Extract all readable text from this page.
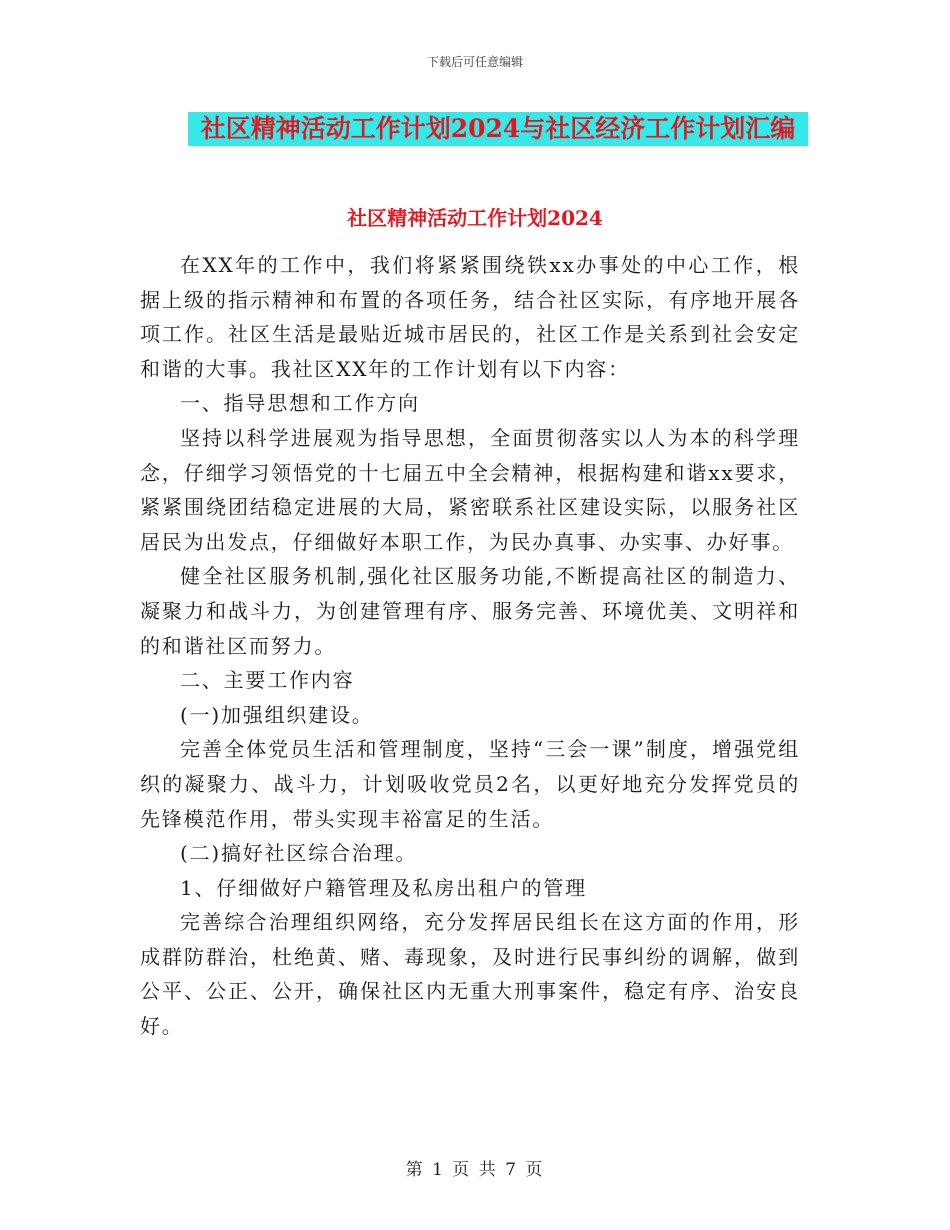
下载后可任意编辑
社区精神活动工作计划2024与社区经济工作计划汇编
社区精神活动工作计划2024

在XX年的工作中，我们将紧紧围绕铁xx办事处的中心工作，根据上级的指示精神和布置的各项任务，结合社区实际，有序地开展各项工作。社区生活是最贴近城市居民的，社区工作是关系到社会安定和谐的大事。我社区XX年的工作计划有以下内容：

一、指导思想和工作方向

坚持以科学进展观为指导思想，全面贯彻落实以人为本的科学理念，仔细学习领悟党的十七届五中全会精神，根据构建和谐xx要求，紧紧围绕团结稳定进展的大局，紧密联系社区建设实际，以服务社区居民为出发点，仔细做好本职工作，为民办真事、办实事、办好事。

健全社区服务机制,强化社区服务功能,不断提高社区的制造力、凝聚力和战斗力，为创建管理有序、服务完善、环境优美、文明祥和的和谐社区而努力。

二、主要工作内容

(一)加强组织建设。

完善全体党员生活和管理制度，坚持“三会一课”制度，增强党组织的凝聚力、战斗力，计划吸收党员2名，以更好地充分发挥党员的先锋模范作用，带头实现丰裕富足的生活。

(二)搞好社区综合治理。

1、仔细做好户籍管理及私房出租户的管理

完善综合治理组织网络，充分发挥居民组长在这方面的作用，形成群防群治，杜绝黄、赌、毒现象，及时进行民事纠纷的调解，做到公平、公正、公开，确保社区内无重大刑事案件，稳定有序、治安良好。

第 1 页 共 7 页
